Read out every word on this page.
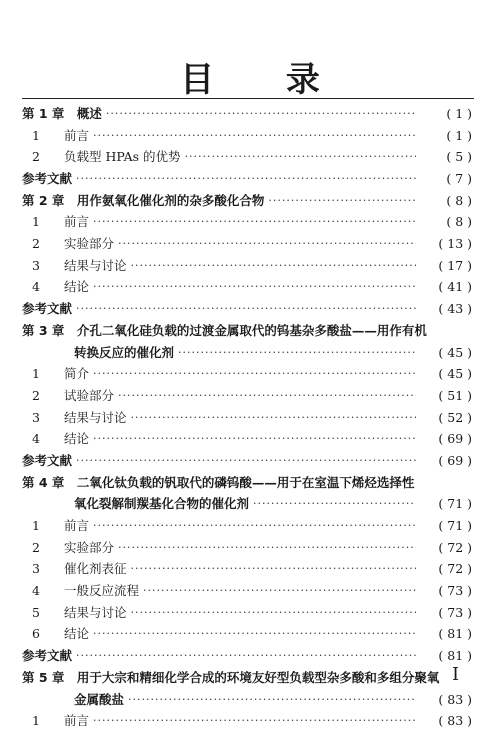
目 录
第 1 章　概述 ·····	( 1 )
1 前言 ·····	( 1 )
2 负载型 HPAs 的优势 ·····	( 5 )
参考文献 ·····	( 7 )
第 2 章　用作氨氧化催化剂的杂多酸化合物 ·····	( 8 )
1 前言 ·····	( 8 )
2 实验部分 ·····	( 13 )
3 结果与讨论 ·····	( 17 )
4 结论 ·····	( 41 )
参考文献 ·····	( 43 )
第 3 章　介孔二氧化硅负载的过渡金属取代的钨基杂多酸盐——用作有机
转换反应的催化剂 ·····	( 45 )
1 简介 ·····	( 45 )
2 试验部分 ·····	( 51 )
3 结果与讨论 ·····	( 52 )
4 结论 ·····	( 69 )
参考文献 ·····	( 69 )
第 4 章　二氧化钛负载的钒取代的磷钨酸——用于在室温下烯烃选择性
氧化裂解制羰基化合物的催化剂 ·····	( 71 )
1 前言 ·····	( 71 )
2 实验部分 ·····	( 72 )
3 催化剂表征 ·····	( 72 )
4 一般反应流程 ·····	( 73 )
5 结果与讨论 ·····	( 73 )
6 结论 ·····	( 81 )
参考文献 ·····	( 81 )
第 5 章　用于大宗和精细化学合成的环境友好型负载型杂多酸和多组分聚氧
金属酸盐 ·····	( 83 )
1 前言 ·····	( 83 )
I
